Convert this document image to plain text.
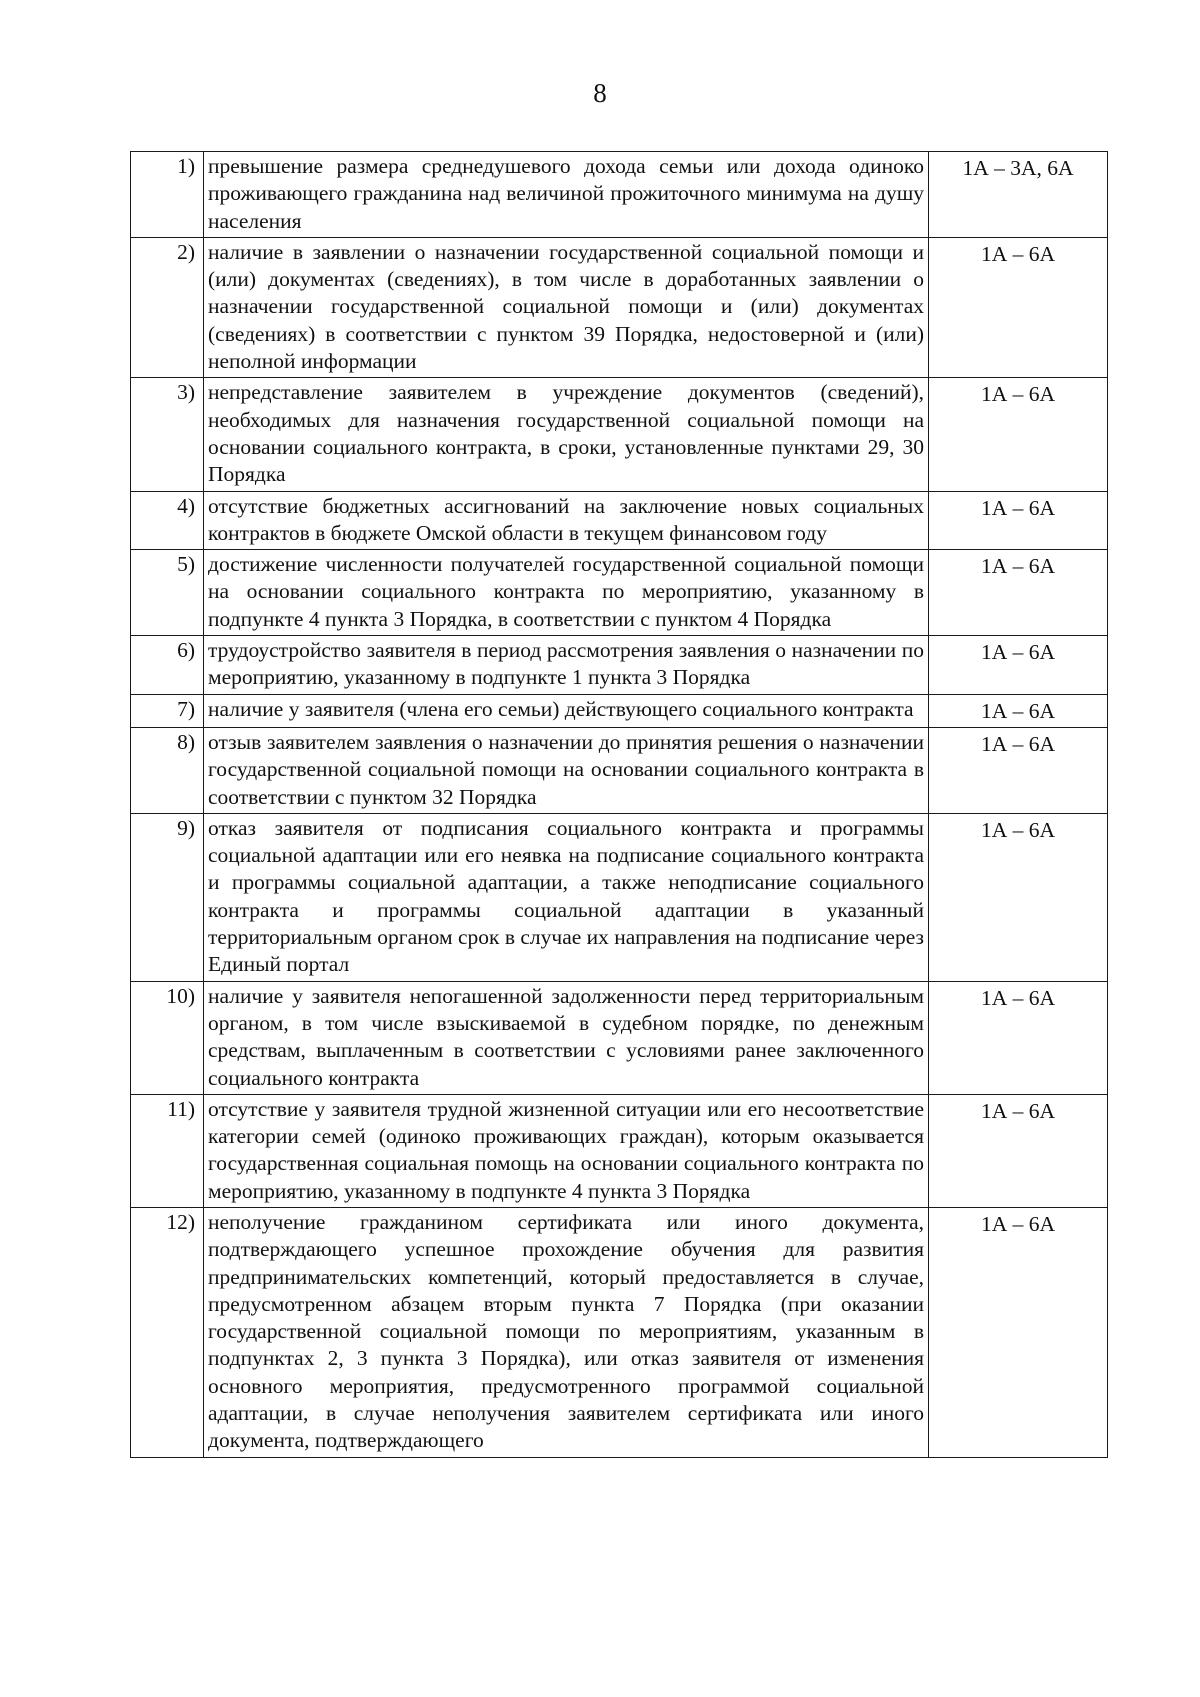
8
1)	превышение размера среднедушевого дохода семьи или дохода одиноко проживающего гражданина над величиной прожиточного минимума на душу населения	1А – 3А, 6А
2)	наличие в заявлении о назначении государственной социальной помощи и (или) документах (сведениях), в том числе в доработанных заявлении о назначении государственной социальной помощи и (или) документах (сведениях) в соответствии с пунктом 39 Порядка, недостоверной и (или) неполной информации	1А – 6А
3)	непредставление заявителем в учреждение документов (сведений), необходимых для назначения государственной социальной помощи на основании социального контракта, в сроки, установленные пунктами 29, 30 Порядка	1А – 6А
4)	отсутствие бюджетных ассигнований на заключение новых социальных контрактов в бюджете Омской области в текущем финансовом году	1А – 6А
5)	достижение численности получателей государственной социальной помощи на основании социального контракта по мероприятию, указанному в подпункте 4 пункта 3 Порядка, в соответствии с пунктом 4 Порядка	1А – 6А
6)	трудоустройство заявителя в период рассмотрения заявления о назначении по мероприятию, указанному в подпункте 1 пункта 3 Порядка	1А – 6А
7)	наличие у заявителя (члена его семьи) действующего социального контракта	1А – 6А
8)	отзыв заявителем заявления о назначении до принятия решения о назначении государственной социальной помощи на основании социального контракта в соответствии с пунктом 32 Порядка	1А – 6А
9)	отказ заявителя от подписания социального контракта и программы социальной адаптации или его неявка на подписание социального контракта и программы социальной адаптации, а также неподписание социального контракта и программы социальной адаптации в указанный территориальным органом срок в случае их направления на подписание через Единый портал	1А – 6А
10)	наличие у заявителя непогашенной задолженности перед территориальным органом, в том числе взыскиваемой в судебном порядке, по денежным средствам, выплаченным в соответствии с условиями ранее заключенного социального контракта	1А – 6А
11)	отсутствие у заявителя трудной жизненной ситуации или его несоответствие категории семей (одиноко проживающих граждан), которым оказывается государственная социальная помощь на основании социального контракта по мероприятию, указанному в подпункте 4 пункта 3 Порядка	1А – 6А
12)	неполучение гражданином сертификата или иного документа, подтверждающего успешное прохождение обучения для развития предпринимательских компетенций, который предоставляется в случае, предусмотренном абзацем вторым пункта 7 Порядка (при оказании государственной социальной помощи по мероприятиям, указанным в подпунктах 2, 3 пункта 3 Порядка), или отказ заявителя от изменения основного мероприятия, предусмотренного программой социальной адаптации, в случае неполучения заявителем сертификата или иного документа, подтверждающего	1А – 6А
